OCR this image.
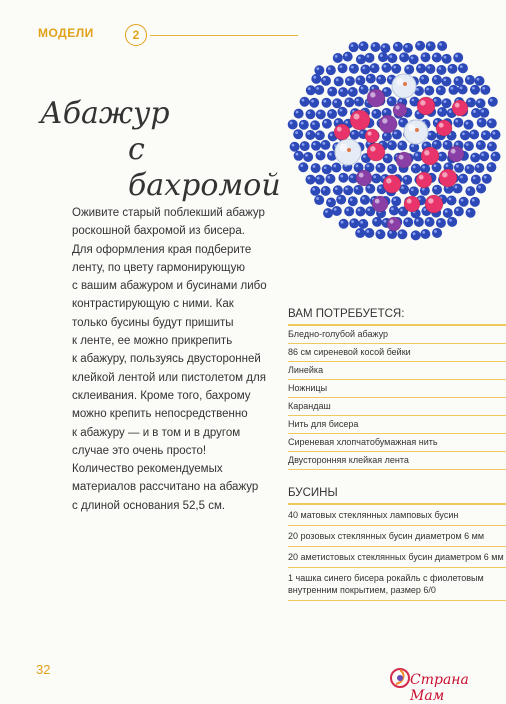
МОДЕЛИ	2
Абажур
с бахромой

Оживите старый поблекший абажур

роскошной бахромой из бисера.

Для оформления края подберите

ленту, по цвету гармонирующую

с вашим абажуром и бусинами либо

контрастирующую с ними. Как

только бусины будут пришиты

к ленте, ее можно прикрепить

к абажуру, пользуясь двусторонней

клейкой лентой или пистолетом для

склеивания. Кроме того, бахрому

можно крепить непосредственно

к абажуру — и в том и в другом

случае это очень просто!

Количество рекомендуемых

материалов рассчитано на абажур

с длиной основания 52,5 см.

ВАМ ПОТРЕБУЕТСЯ:
Бледно-голубой абажур
86 см сиреневой косой бейки
Линейка
Ножницы
Карандаш
Нить для бисера
Сиреневая хлопчатобумажная нить
Двусторонняя клейкая лента
БУСИНЫ
40 матовых стеклянных ламповых бусин
20 розовых стеклянных бусин диаметром 6 мм
20 аметистовых стеклянных бусин диаметром 6 мм
1 чашка синего бисера рокайль с фиолетовым внутренним покрытием, размер 6/0
32
Страна Мам
